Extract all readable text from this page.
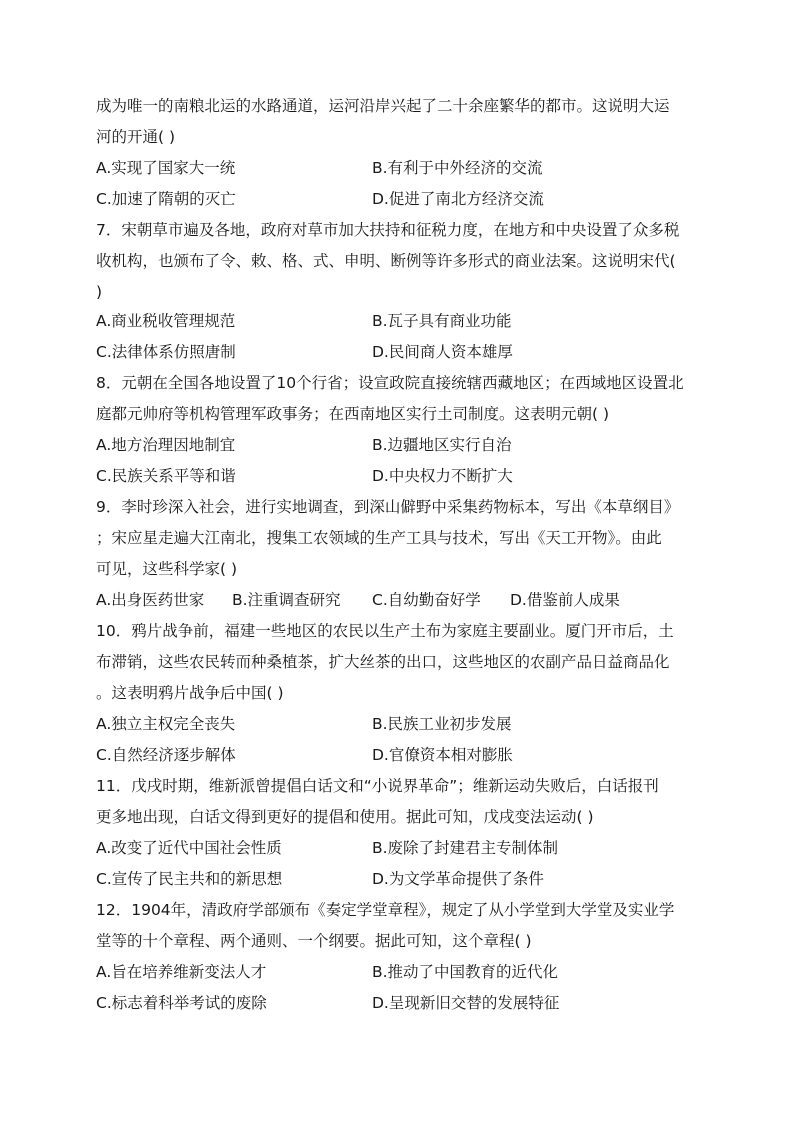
成为唯一的南粮北运的水路通道，运河沿岸兴起了二十余座繁华的都市。这说明大运
河的开通( )
A.实现了国家大一统	B.有利于中外经济的交流
C.加速了隋朝的灭亡	D.促进了南北方经济交流
7．宋朝草市遍及各地，政府对草市加大扶持和征税力度，在地方和中央设置了众多税
收机构，也颁布了令、敕、格、式、申明、断例等许多形式的商业法案。这说明宋代(
)
A.商业税收管理规范	B.瓦子具有商业功能
C.法律体系仿照唐制	D.民间商人资本雄厚
8．元朝在全国各地设置了10个行省；设宣政院直接统辖西藏地区；在西域地区设置北
庭都元帅府等机构管理军政事务；在西南地区实行土司制度。这表明元朝( )
A.地方治理因地制宜	B.边疆地区实行自治
C.民族关系平等和谐	D.中央权力不断扩大
9．李时珍深入社会，进行实地调查，到深山僻野中采集药物标本，写出《本草纲目》
；宋应星走遍大江南北，搜集工农领域的生产工具与技术，写出《天工开物》。由此
可见，这些科学家( )
A.出身医药世家 B.注重调查研究 C.自幼勤奋好学 D.借鉴前人成果
10．鸦片战争前，福建一些地区的农民以生产土布为家庭主要副业。厦门开市后，土
布滞销，这些农民转而种桑植茶，扩大丝茶的出口，这些地区的农副产品日益商品化
。这表明鸦片战争后中国( )
A.独立主权完全丧失	B.民族工业初步发展
C.自然经济逐步解体	D.官僚资本相对膨胀
11．戊戌时期，维新派曾提倡白话文和“小说界革命”；维新运动失败后，白话报刊
更多地出现，白话文得到更好的提倡和使用。据此可知，戊戌变法运动( )
A.改变了近代中国社会性质	B.废除了封建君主专制体制
C.宣传了民主共和的新思想	D.为文学革命提供了条件
12．1904年，清政府学部颁布《奏定学堂章程》，规定了从小学堂到大学堂及实业学
堂等的十个章程、两个通则、一个纲要。据此可知，这个章程( )
A.旨在培养维新变法人才	B.推动了中国教育的近代化
C.标志着科举考试的废除	D.呈现新旧交替的发展特征
